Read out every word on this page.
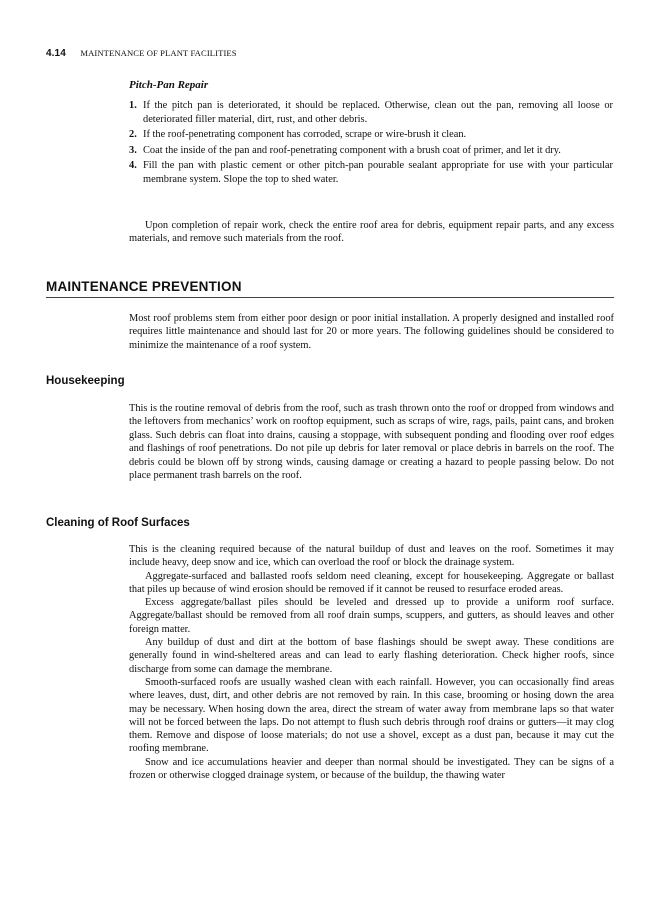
4.14 MAINTENANCE OF PLANT FACILITIES
Pitch-Pan Repair
1. If the pitch pan is deteriorated, it should be replaced. Otherwise, clean out the pan, removing all loose or deteriorated filler material, dirt, rust, and other debris.
2. If the roof-penetrating component has corroded, scrape or wire-brush it clean.
3. Coat the inside of the pan and roof-penetrating component with a brush coat of primer, and let it dry.
4. Fill the pan with plastic cement or other pitch-pan pourable sealant appropriate for use with your particular membrane system. Slope the top to shed water.

Upon completion of repair work, check the entire roof area for debris, equipment repair parts, and any excess materials, and remove such materials from the roof.

MAINTENANCE PREVENTION

Most roof problems stem from either poor design or poor initial installation. A properly designed and installed roof requires little maintenance and should last for 20 or more years. The following guidelines should be considered to minimize the maintenance of a roof system.

Housekeeping

This is the routine removal of debris from the roof, such as trash thrown onto the roof or dropped from windows and the leftovers from mechanics’ work on rooftop equipment, such as scraps of wire, rags, pails, paint cans, and broken glass. Such debris can float into drains, causing a stoppage, with subsequent ponding and flooding over roof edges and flashings of roof penetrations. Do not pile up debris for later removal or place debris in barrels on the roof. The debris could be blown off by strong winds, causing damage or creating a hazard to people passing below. Do not place permanent trash barrels on the roof.

Cleaning of Roof Surfaces

This is the cleaning required because of the natural buildup of dust and leaves on the roof. Sometimes it may include heavy, deep snow and ice, which can overload the roof or block the drainage system.

Aggregate-surfaced and ballasted roofs seldom need cleaning, except for housekeeping. Aggregate or ballast that piles up because of wind erosion should be removed if it cannot be reused to resurface eroded areas.

Excess aggregate/ballast piles should be leveled and dressed up to provide a uniform roof surface. Aggregate/ballast should be removed from all roof drain sumps, scuppers, and gutters, as should leaves and other foreign matter.

Any buildup of dust and dirt at the bottom of base flashings should be swept away. These conditions are generally found in wind-sheltered areas and can lead to early flashing deterioration. Check higher roofs, since discharge from some can damage the membrane.

Smooth-surfaced roofs are usually washed clean with each rainfall. However, you can occasionally find areas where leaves, dust, dirt, and other debris are not removed by rain. In this case, brooming or hosing down the area may be necessary. When hosing down the area, direct the stream of water away from membrane laps so that water will not be forced between the laps. Do not attempt to flush such debris through roof drains or gutters—it may clog them. Remove and dispose of loose materials; do not use a shovel, except as a dust pan, because it may cut the roofing membrane.

Snow and ice accumulations heavier and deeper than normal should be investigated. They can be signs of a frozen or otherwise clogged drainage system, or because of the buildup, the thawing water
